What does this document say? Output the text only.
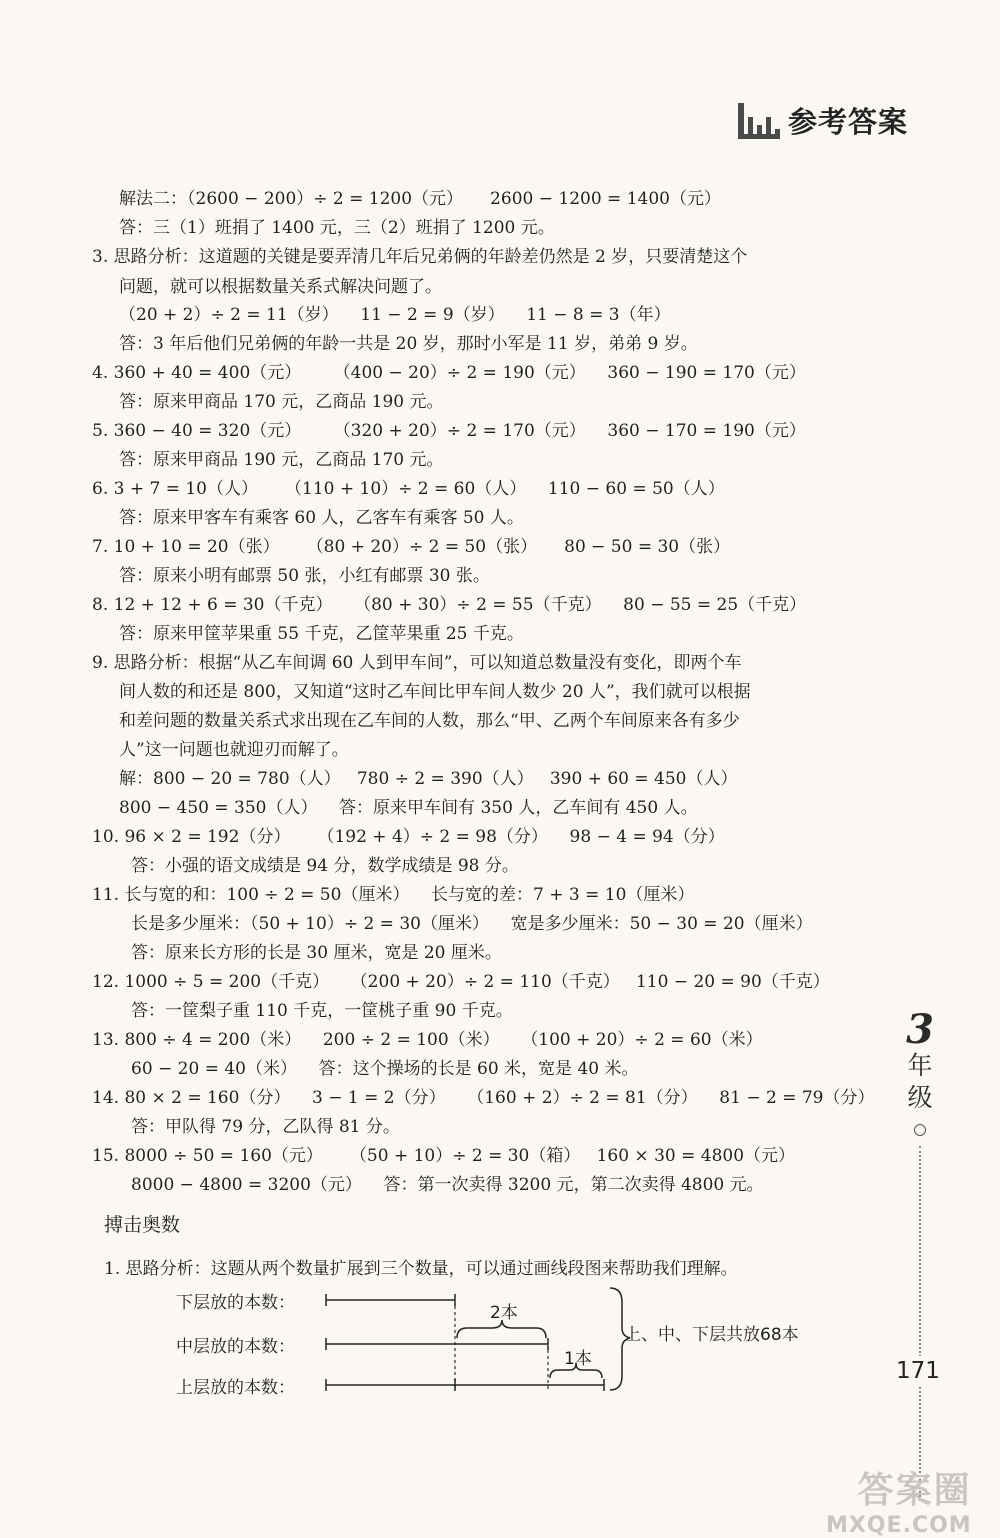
参考答案
解法二：（2600 − 200）÷ 2 = 1200（元）     2600 − 1200 = 1400（元）
答：三（1）班捐了 1400 元，三（2）班捐了 1200 元。
3. 思路分析：这道题的关键是要弄清几年后兄弟俩的年龄差仍然是 2 岁，只要清楚这个
问题，就可以根据数量关系式解决问题了。
（20 + 2）÷ 2 = 11（岁）    11 − 2 = 9（岁）    11 − 8 = 3（年）
答：3 年后他们兄弟俩的年龄一共是 20 岁，那时小军是 11 岁，弟弟 9 岁。
4. 360 + 40 = 400（元）      （400 − 20）÷ 2 = 190（元）    360 − 190 = 170（元）
答：原来甲商品 170 元，乙商品 190 元。
5. 360 − 40 = 320（元）      （320 + 20）÷ 2 = 170（元）    360 − 170 = 190（元）
答：原来甲商品 190 元，乙商品 170 元。
6. 3 + 7 = 10（人）     （110 + 10）÷ 2 = 60（人）    110 − 60 = 50（人）
答：原来甲客车有乘客 60 人，乙客车有乘客 50 人。
7. 10 + 10 = 20（张）     （80 + 20）÷ 2 = 50（张）     80 − 50 = 30（张）
答：原来小明有邮票 50 张，小红有邮票 30 张。
8. 12 + 12 + 6 = 30（千克）    （80 + 30）÷ 2 = 55（千克）    80 − 55 = 25（千克）
答：原来甲筐苹果重 55 千克，乙筐苹果重 25 千克。
9. 思路分析：根据“从乙车间调 60 人到甲车间”，可以知道总数量没有变化，即两个车
间人数的和还是 800，又知道“这时乙车间比甲车间人数少 20 人”，我们就可以根据
和差问题的数量关系式求出现在乙车间的人数，那么“甲、乙两个车间原来各有多少
人”这一问题也就迎刃而解了。
解：800 − 20 = 780（人）   780 ÷ 2 = 390（人）   390 + 60 = 450（人）
800 − 450 = 350（人）    答：原来甲车间有 350 人，乙车间有 450 人。
10. 96 × 2 = 192（分）     （192 + 4）÷ 2 = 98（分）    98 − 4 = 94（分）
答：小强的语文成绩是 94 分，数学成绩是 98 分。
11. 长与宽的和：100 ÷ 2 = 50（厘米）    长与宽的差：7 + 3 = 10（厘米）
长是多少厘米：（50 + 10）÷ 2 = 30（厘米）    宽是多少厘米：50 − 30 = 20（厘米）
答：原来长方形的长是 30 厘米，宽是 20 厘米。
12. 1000 ÷ 5 = 200（千克）    （200 + 20）÷ 2 = 110（千克）   110 − 20 = 90（千克）
答：一筐梨子重 110 千克，一筐桃子重 90 千克。
13. 800 ÷ 4 = 200（米）    200 ÷ 2 = 100（米）    （100 + 20）÷ 2 = 60（米）
60 − 20 = 40（米）    答：这个操场的长是 60 米，宽是 40 米。
14. 80 × 2 = 160（分）    3 − 1 = 2（分）    （160 + 2）÷ 2 = 81（分）    81 − 2 = 79（分）
答：甲队得 79 分，乙队得 81 分。
15. 8000 ÷ 50 = 160（元）     （50 + 10）÷ 2 = 30（箱）   160 × 30 = 4800（元）
8000 − 4800 = 3200（元）    答：第一次卖得 3200 元，第二次卖得 4800 元。
1. 思路分析：这题从两个数量扩展到三个数量，可以通过画线段图来帮助我们理解。
搏击奥数
下层放的本数：
中层放的本数：
上层放的本数：
2本
1本
上、中、下层共放68本
3
年
级
171
答案圈
MXQE.COM
